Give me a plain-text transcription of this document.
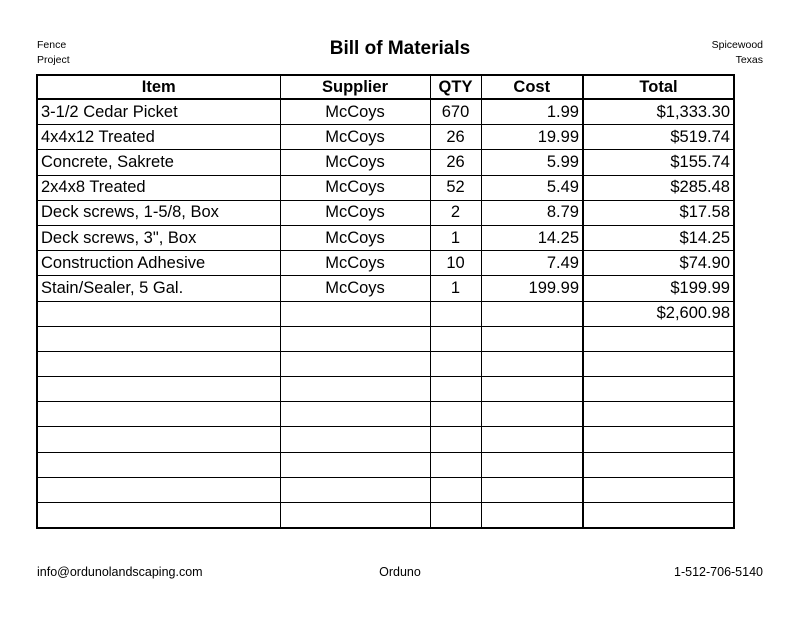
Fence
Project
Bill of Materials	Spicewood
Texas
Item	Supplier	QTY	Cost	Total
3-1/2 Cedar Picket	McCoys	670	1.99	$1,333.30
4x4x12 Treated	McCoys	26	19.99	$519.74
Concrete, Sakrete	McCoys	26	5.99	$155.74
2x4x8 Treated	McCoys	52	5.49	$285.48
Deck screws, 1-5/8, Box	McCoys	2	8.79	$17.58
Deck screws, 3", Box	McCoys	1	14.25	$14.25
Construction Adhesive	McCoys	10	7.49	$74.90
Stain/Sealer, 5 Gal.	McCoys	1	199.99	$199.99
				$2,600.98

info@ordunolandscaping.com	Orduno	1-512-706-5140
